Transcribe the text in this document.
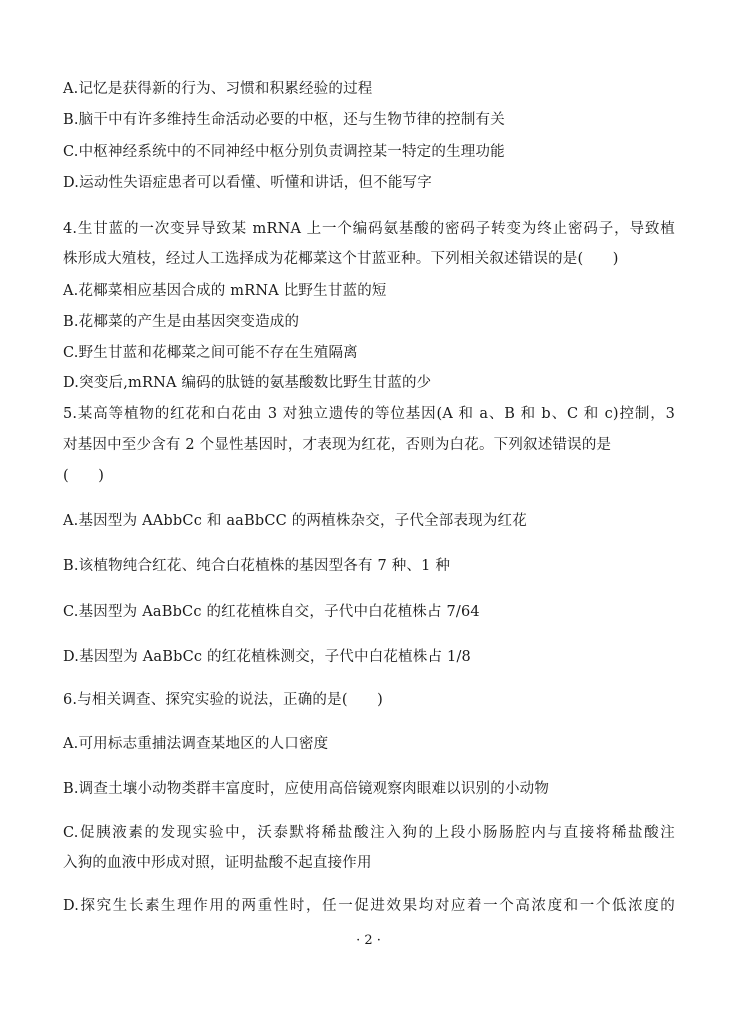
A.记忆是获得新的行为、习惯和积累经验的过程
B.脑干中有许多维持生命活动必要的中枢，还与生物节律的控制有关
C.中枢神经系统中的不同神经中枢分别负责调控某一特定的生理功能
D.运动性失语症患者可以看懂、听懂和讲话，但不能写字
4.生甘蓝的一次变异导致某 mRNA 上一个编码氨基酸的密码子转变为终止密码子，导致植
株形成大殖枝，经过人工选择成为花椰菜这个甘蓝亚种。下列相关叙述错误的是(　　)
A.花椰菜相应基因合成的 mRNA 比野生甘蓝的短
B.花椰菜的产生是由基因突变造成的
C.野生甘蓝和花椰菜之间可能不存在生殖隔离
D.突变后,mRNA 编码的肽链的氨基酸数比野生甘蓝的少
5.某高等植物的红花和白花由 3 对独立遗传的等位基因(A 和 a、B 和 b、C 和 c)控制，3
对基因中至少含有 2 个显性基因时，才表现为红花，否则为白花。下列叙述错误的是
(　　)
A.基因型为 AAbbCc 和 aaBbCC 的两植株杂交，子代全部表现为红花
B.该植物纯合红花、纯合白花植株的基因型各有 7 种、1 种
C.基因型为 AaBbCc 的红花植株自交，子代中白花植株占 7/64
D.基因型为 AaBbCc 的红花植株测交，子代中白花植株占 1/8
6.与相关调查、探究实验的说法，正确的是(　　)
A.可用标志重捕法调查某地区的人口密度
B.调查土壤小动物类群丰富度时，应使用高倍镜观察肉眼难以识别的小动物
C.促胰液素的发现实验中，沃泰默将稀盐酸注入狗的上段小肠肠腔内与直接将稀盐酸注
入狗的血液中形成对照，证明盐酸不起直接作用
D.探究生长素生理作用的两重性时，任一促进效果均对应着一个高浓度和一个低浓度的
· 2 ·
